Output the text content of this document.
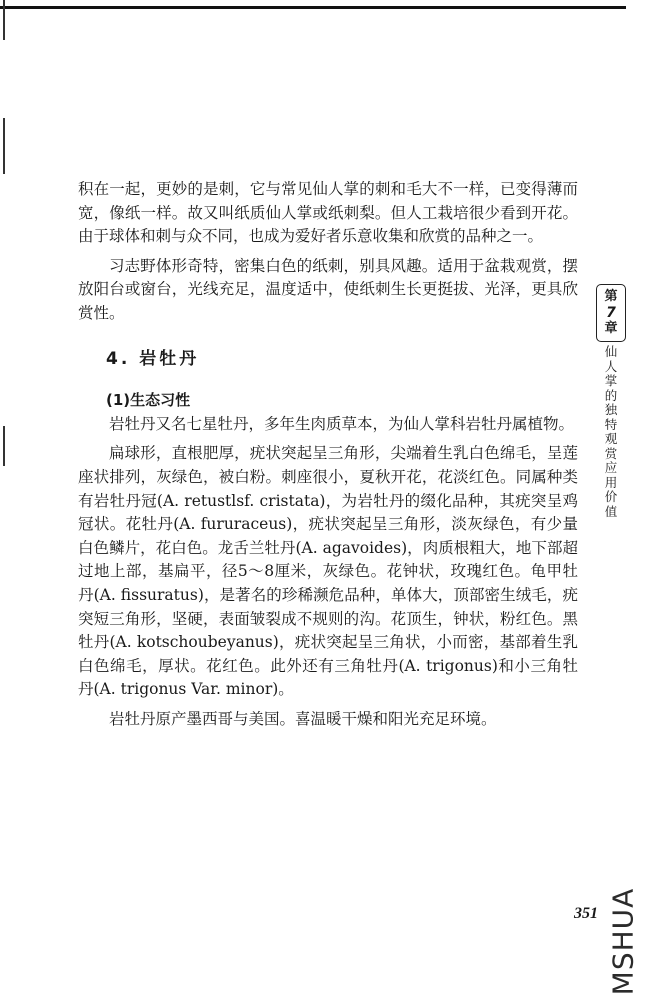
积在一起，更妙的是刺，它与常见仙人掌的刺和毛大不一样，已变得薄而宽，像纸一样。故又叫纸质仙人掌或纸刺梨。但人工栽培很少看到开花。由于球体和刺与众不同，也成为爱好者乐意收集和欣赏的品种之一。

习志野体形奇特，密集白色的纸刺，别具风趣。适用于盆栽观赏，摆放阳台或窗台，光线充足，温度适中，使纸刺生长更挺拔、光泽，更具欣赏性。

4. 岩牡丹
(1)生态习性

岩牡丹又名七星牡丹，多年生肉质草本，为仙人掌科岩牡丹属植物。

扁球形，直根肥厚，疣状突起呈三角形，尖端着生乳白色绵毛，呈莲座状排列，灰绿色，被白粉。刺座很小，夏秋开花，花淡红色。同属种类有岩牡丹冠(A. retustlsf. cristata)，为岩牡丹的缀化品种，其疣突呈鸡冠状。花牡丹(A. fururaceus)，疣状突起呈三角形，淡灰绿色，有少量白色鳞片，花白色。龙舌兰牡丹(A. agavoides)，肉质根粗大，地下部超过地上部，基扁平，径5～8厘米，灰绿色。花钟状，玫瑰红色。龟甲牡丹(A. fissuratus)，是著名的珍稀濒危品种，单体大，顶部密生绒毛，疣突短三角形，坚硬，表面皱裂成不规则的沟。花顶生，钟状，粉红色。黑牡丹(A. kotschoubeyanus)，疣状突起呈三角状，小而密，基部着生乳白色绵毛，厚状。花红色。此外还有三角牡丹(A. trigonus)和小三角牡丹(A. trigonus Var. minor)。

岩牡丹原产墨西哥与美国。喜温暖干燥和阳光充足环境。

第
7
章
仙人掌的独特观赏应用价值
351 MSHUA
